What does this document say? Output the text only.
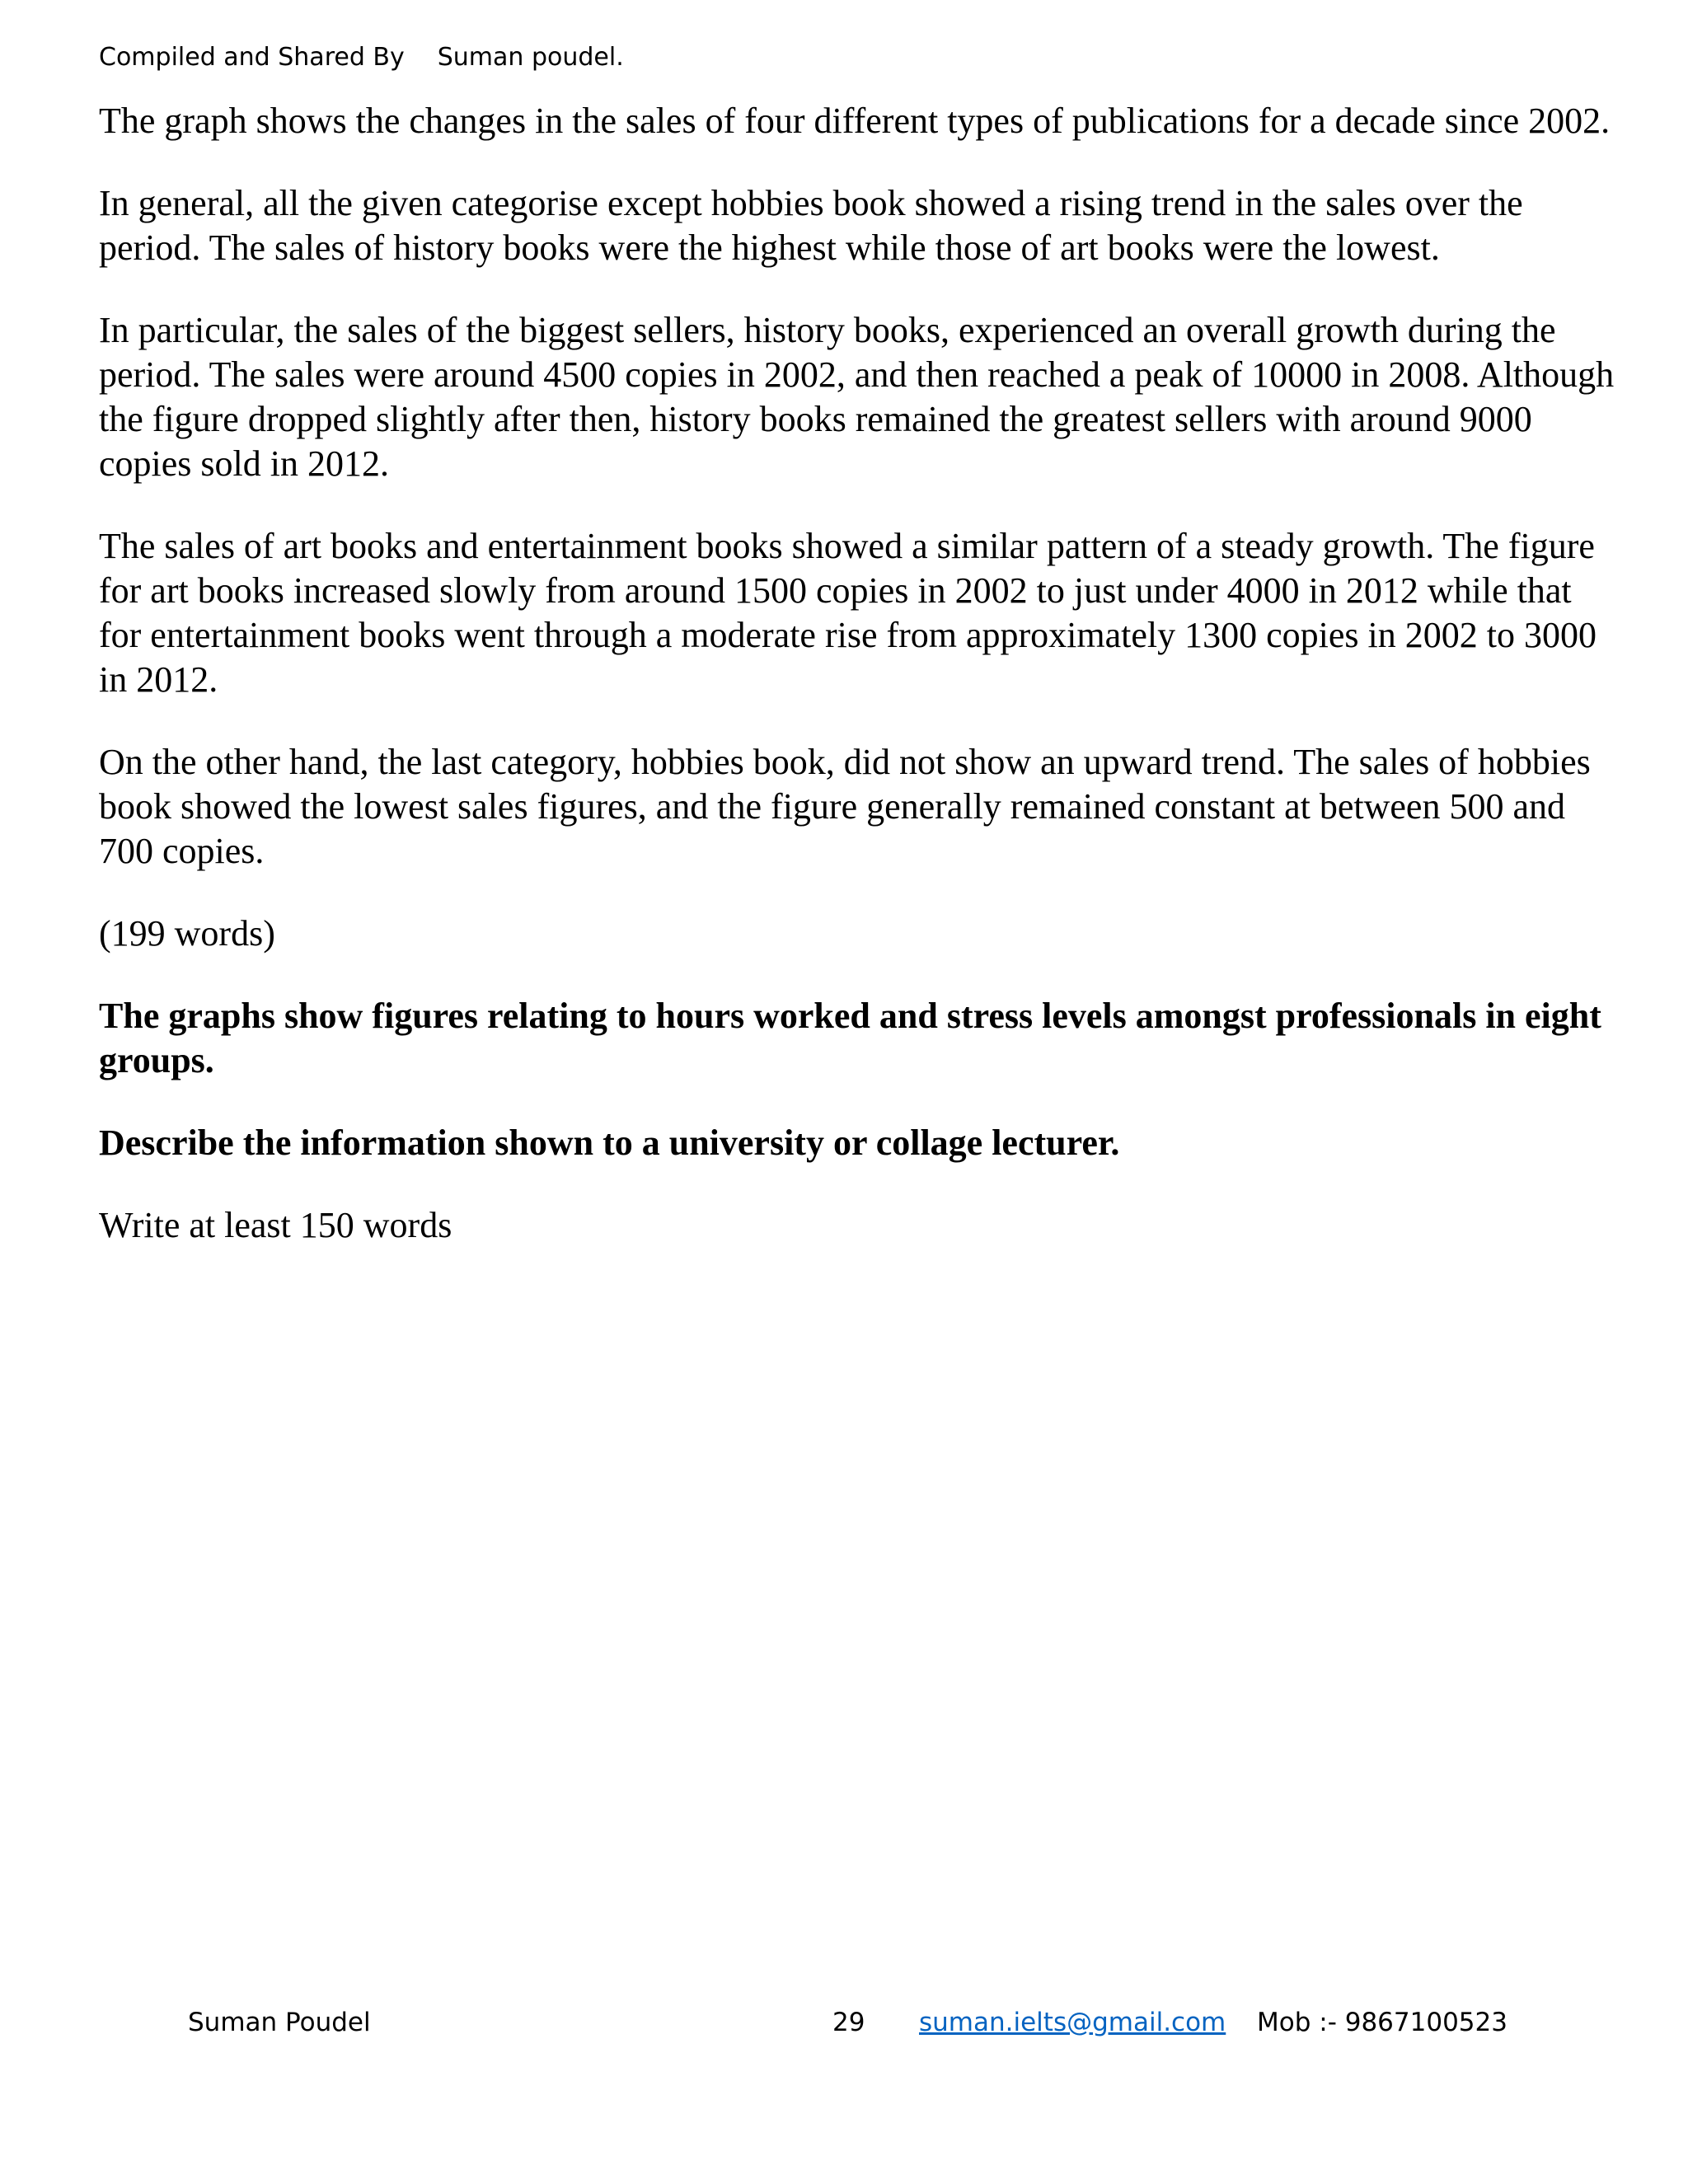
Compiled and Shared By Suman poudel.

The graph shows the changes in the sales of four different types of publications for a decade since 2002.

In general, all the given categorise except hobbies book showed a rising trend in the sales over the period. The sales of history books were the highest while those of art books were the lowest.

In particular, the sales of the biggest sellers, history books, experienced an overall growth during the period. The sales were around 4500 copies in 2002, and then reached a peak of 10000 in 2008. Although the figure dropped slightly after then, history books remained the greatest sellers with around 9000 copies sold in 2012.

The sales of art books and entertainment books showed a similar pattern of a steady growth. The figure for art books increased slowly from around 1500 copies in 2002 to just under 4000 in 2012 while that for entertainment books went through a moderate rise from approximately 1300 copies in 2002 to 3000 in 2012.

On the other hand, the last category, hobbies book, did not show an upward trend. The sales of hobbies book showed the lowest sales figures, and the figure generally remained constant at between 500 and 700 copies.

(199 words)

The graphs show figures relating to hours worked and stress levels amongst professionals in eight groups.

Describe the information shown to a university or collage lecturer.

Write at least 150 words

Suman Poudel	29 suman.ielts@gmail.com Mob :- 9867100523
